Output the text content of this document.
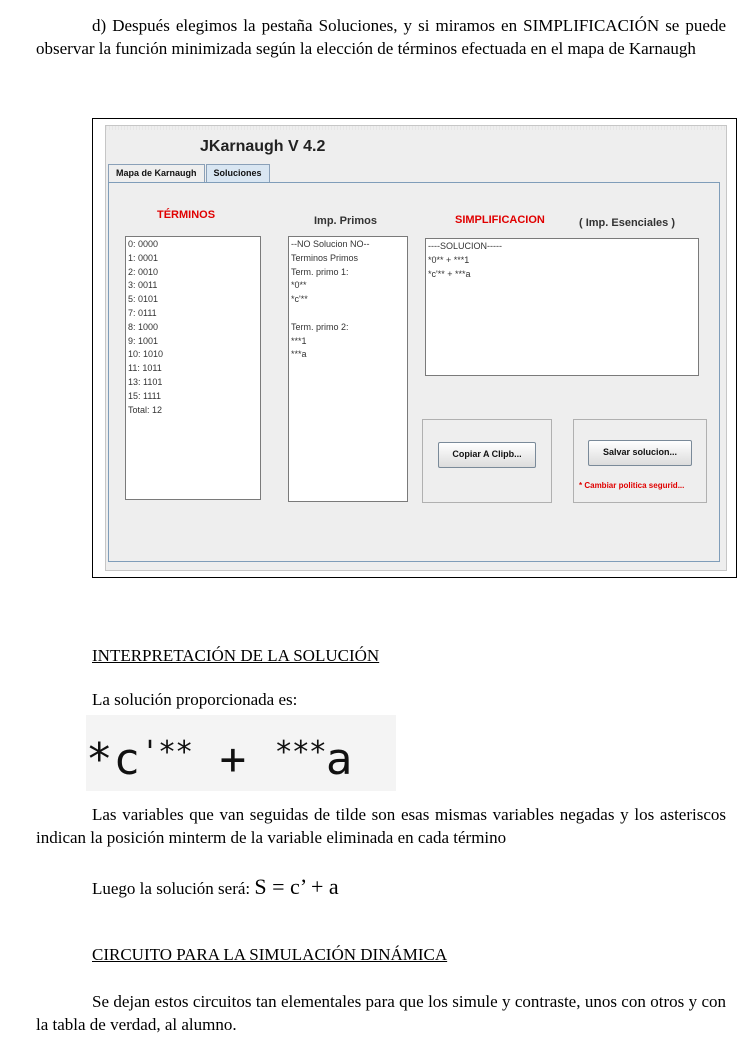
d) Después elegimos la pestaña Soluciones, y si miramos en SIMPLIFICACIÓN se puede observar la función minimizada según la elección de términos efectuada en el mapa de Karnaugh

JKarnaugh V 4.2
Mapa de Karnaugh	Soluciones
TÉRMINOS	Imp. Primos	SIMPLIFICACION	( Imp. Esenciales )
0: 0000
1: 0001
2: 0010
3: 0011
5: 0101
7: 0111
8: 1000
9: 1001
10: 1010
11: 1011
13: 1101
15: 1111
Total: 12
--NO Solucion NO--
Terminos Primos
Term. primo 1:
*0**
*c'**

Term. primo 2:
***1
***a
----SOLUCION-----
*0** + ***1
*c'** + ***a
Copiar A Clipb...	Salvar solucion...
* Cambiar politica segurid...

INTERPRETACIÓN DE LA SOLUCIÓN

La solución proporcionada es:

*c'** + ***a

Las variables que van seguidas de tilde son esas mismas variables negadas y los asteriscos indican la posición minterm de la variable eliminada en cada término

Luego la solución será: S = c’ + a

CIRCUITO PARA LA SIMULACIÓN DINÁMICA

Se dejan estos circuitos tan elementales para que los simule y contraste, unos con otros y con la tabla de verdad, al alumno.
